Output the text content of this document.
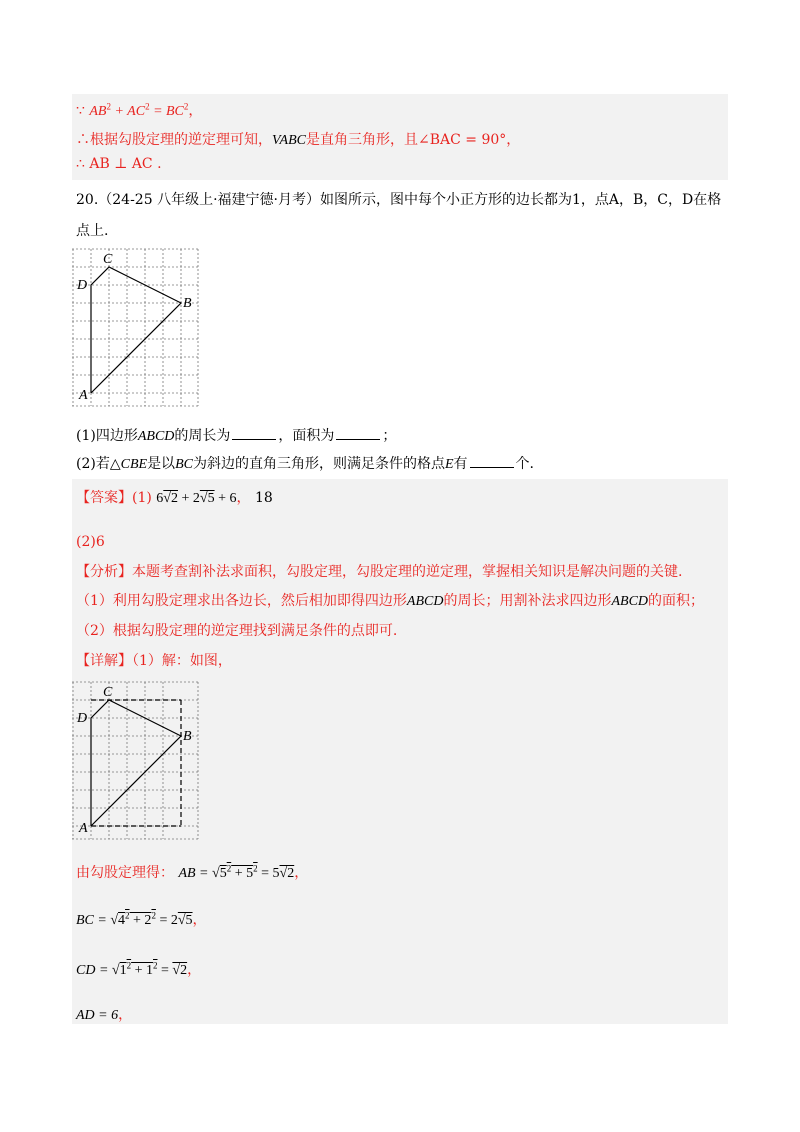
∵ $AB^2 + AC^2 = BC^2$，
∴根据勾股定理的逆定理可知，VABC是直角三角形，且∠BAC = 90°，
∴ AB ⊥ AC .
20.（24-25 八年级上·福建宁德·月考）如图所示，图中每个小正方形的边长都为1，点A，B，C，D在格
点上.
C
D
B
A
(1)四边形ABCD的周长为	，面积为	；
(2)若△CBE是以BC为斜边的直角三角形，则满足条件的格点E有	个.
【答案】(1) 6√2 + 2√5 + 6， 18
(2)6
【分析】本题考查割补法求面积，勾股定理，勾股定理的逆定理，掌握相关知识是解决问题的关键.
（1）利用勾股定理求出各边长，然后相加即得四边形ABCD的周长；用割补法求四边形ABCD的面积；
（2）根据勾股定理的逆定理找到满足条件的点即可.
【详解】（1）解：如图，
C
D
B
A
由勾股定理得： AB = $√5^2 + 5^2 = 5√2$，
BC = $√4^2 + 2^2 = 2√5$，
CD = $√1^2 + 1^2 = √2$，
AD = 6，
